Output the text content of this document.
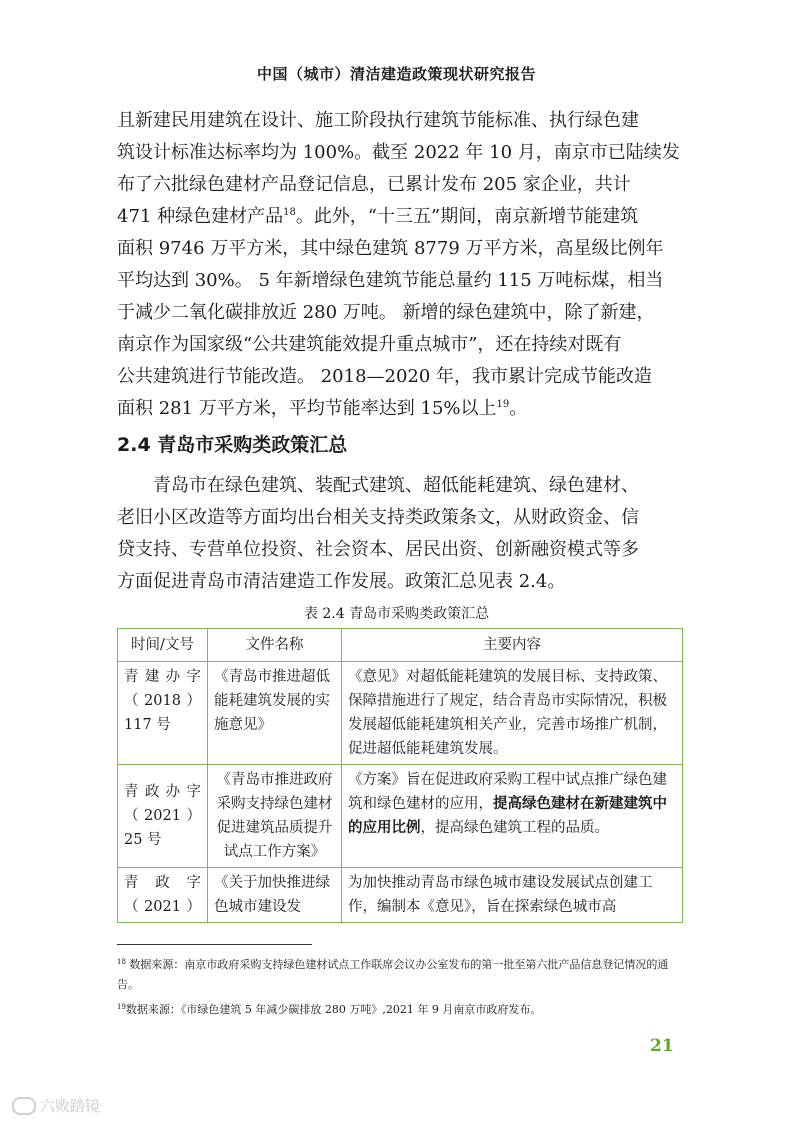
中国（城市）清洁建造政策现状研究报告
且新建民用建筑在设计、施工阶段执行建筑节能标准、执行绿色建
筑设计标准达标率均为 100%。截至 2022 年 10 月，南京市已陆续发
布了六批绿色建材产品登记信息，已累计发布 205 家企业，共计
471 种绿色建材产品$^{18}$。此外，“十三五”期间，南京新增节能建筑
面积 9746 万平方米，其中绿色建筑 8779 万平方米，高星级比例年
平均达到 30%。 5 年新增绿色建筑节能总量约 115 万吨标煤，相当
于减少二氧化碳排放近 280 万吨。 新增的绿色建筑中，除了新建，
南京作为国家级“公共建筑能效提升重点城市”，还在持续对既有
公共建筑进行节能改造。 2018—2020 年，我市累计完成节能改造
面积 281 万平方米，平均节能率达到 15%以上$^{19}$。
2.4 青岛市采购类政策汇总
青岛市在绿色建筑、装配式建筑、超低能耗建筑、绿色建材、
老旧小区改造等方面均出台相关支持类政策条文，从财政资金、信
贷支持、专营单位投资、社会资本、居民出资、创新融资模式等多
方面促进青岛市清洁建造工作发展。政策汇总见表 2.4。
表 2.4 青岛市采购类政策汇总
时间/文号	文件名称	主要内容

青建办字
（2018）
117 号	《青岛市推进超低能耗建筑发展的实施意见》	《意见》对超低能耗建筑的发展目标、支持政策、保障措施进行了规定，结合青岛市实际情况，积极发展超低能耗建筑相关产业，完善市场推广机制，促进超低能耗建筑发展。

青政办字
（2021）
25 号	《青岛市推进政府采购支持绿色建材促进建筑品质提升试点工作方案》	《方案》旨在促进政府采购工程中试点推广绿色建筑和绿色建材的应用，提高绿色建材在新建建筑中的应用比例，提高绿色建筑工程的品质。

青政字
（2021）	《关于加快推进绿色城市建设发	为加快推动青岛市绿色城市建设发展试点创建工作，编制本《意见》，旨在探索绿色城市高
$^{18}$ 数据来源：南京市政府采购支持绿色建材试点工作联席会议办公室发布的第一批至第六批产品信息登记情况的通告。
$^{19}$数据来源：《市绿色建筑 5 年减少碳排放 280 万吨》,2021 年 9 月南京市政府发布。
21
六败踏镜
